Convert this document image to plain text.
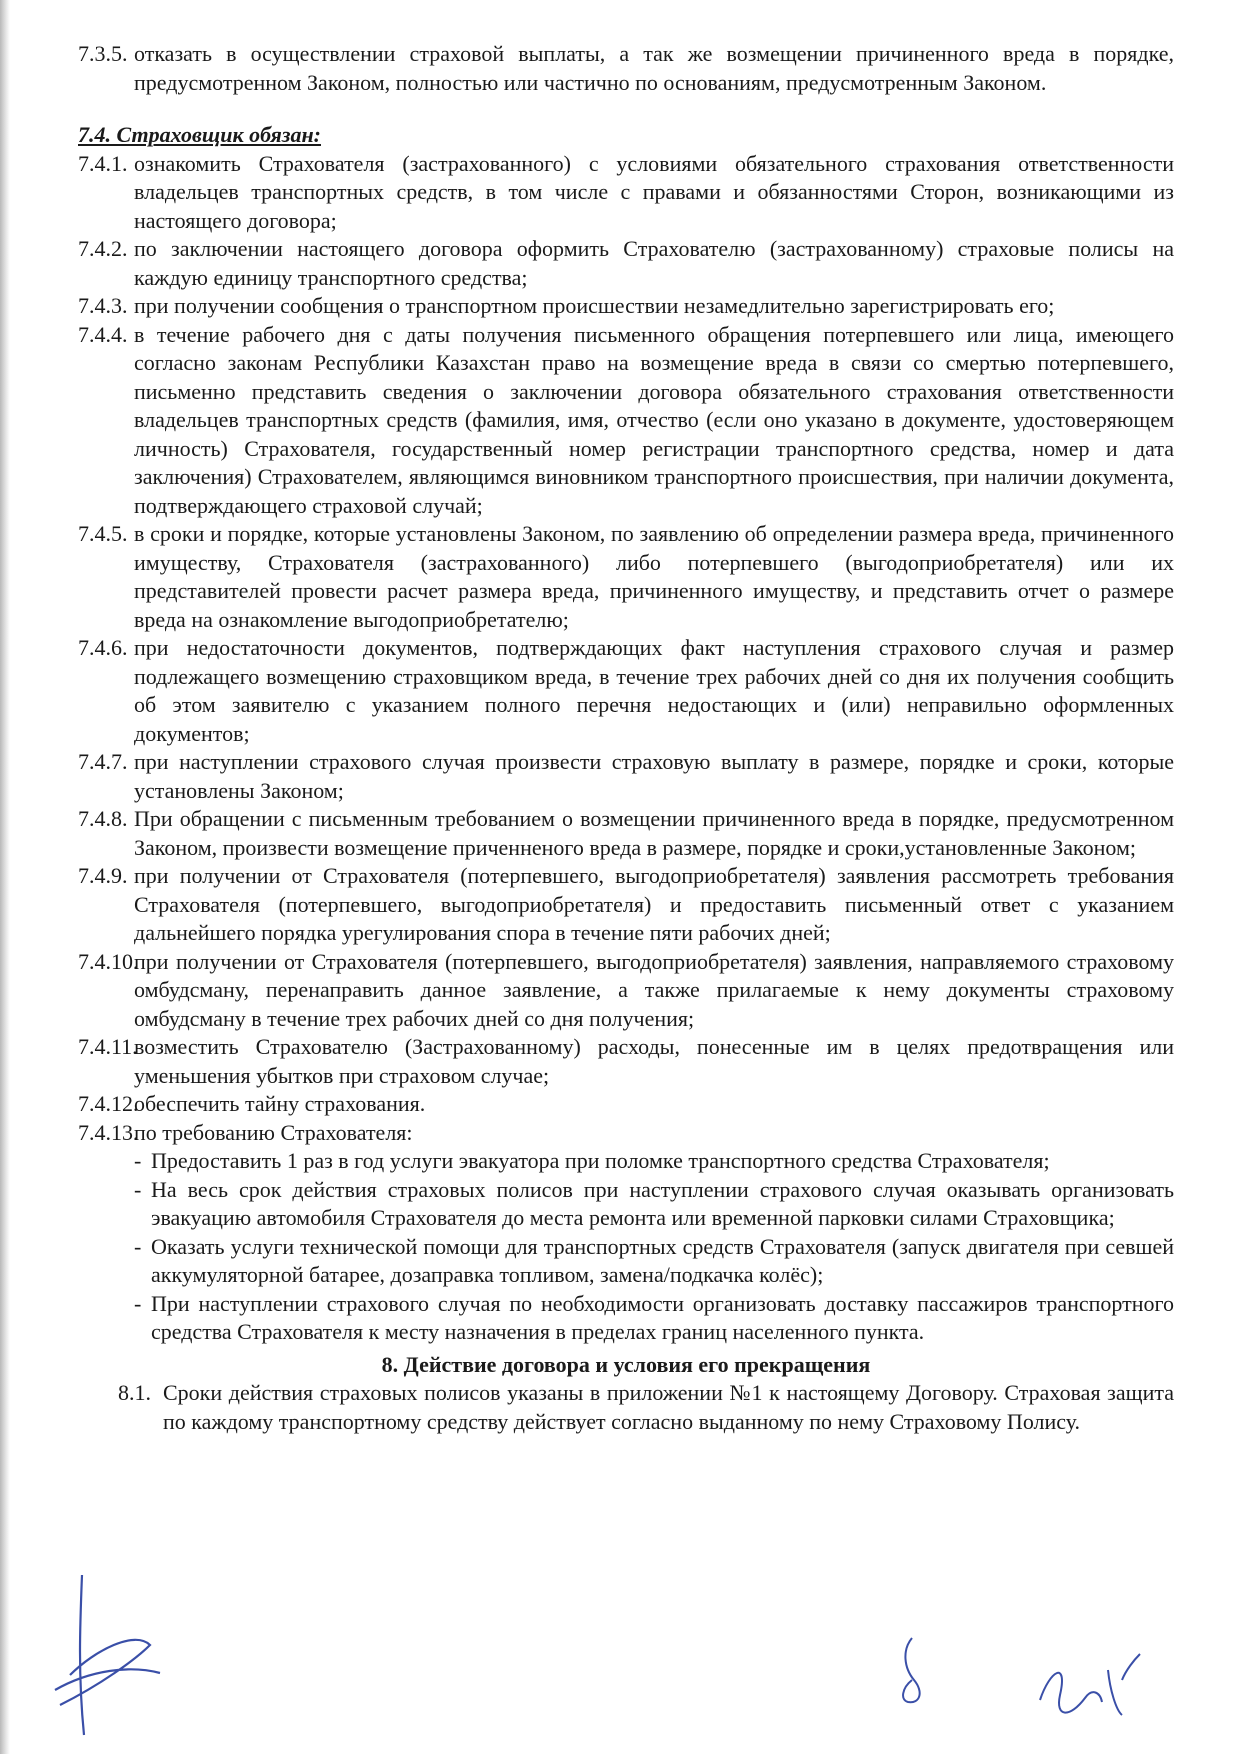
7.3.5. отказать в осуществлении страховой выплаты, а так же возмещении причиненного вреда в порядке, предусмотренном Законом, полностью или частично по основаниям, предусмотренным Законом.

7.4. Страховщик обязан:

7.4.1. ознакомить Страхователя (застрахованного) с условиями обязательного страхования ответственности владельцев транспортных средств, в том числе с правами и обязанностями Сторон, возникающими из настоящего договора;

7.4.2. по заключении настоящего договора оформить Страхователю (застрахованному) страховые полисы на каждую единицу транспортного средства;

7.4.3. при получении сообщения о транспортном происшествии незамедлительно зарегистрировать его;

7.4.4. в течение рабочего дня с даты получения письменного обращения потерпевшего или лица, имеющего согласно законам Республики Казахстан право на возмещение вреда в связи со смертью потерпевшего, письменно представить сведения о заключении договора обязательного страхования ответственности владельцев транспортных средств (фамилия, имя, отчество (если оно указано в документе, удостоверяющем личность) Страхователя, государственный номер регистрации транспортного средства, номер и дата заключения) Страхователем, являющимся виновником транспортного происшествия, при наличии документа, подтверждающего страховой случай;

7.4.5. в сроки и порядке, которые установлены Законом, по заявлению об определении размера вреда, причиненного имуществу, Страхователя (застрахованного) либо потерпевшего (выгодоприобретателя) или их представителей провести расчет размера вреда, причиненного имуществу, и представить отчет о размере вреда на ознакомление выгодоприобретателю;

7.4.6. при недостаточности документов, подтверждающих факт наступления страхового случая и размер подлежащего возмещению страховщиком вреда, в течение трех рабочих дней со дня их получения сообщить об этом заявителю с указанием полного перечня недостающих и (или) неправильно оформленных документов;

7.4.7. при наступлении страхового случая произвести страховую выплату в размере, порядке и сроки, которые установлены Законом;

7.4.8. При обращении с письменным требованием о возмещении причиненного вреда в порядке, предусмотренном Законом, произвести возмещение приченненого вреда в размере, порядке и сроки,установленные Законом;

7.4.9. при получении от Страхователя (потерпевшего, выгодоприобретателя) заявления рассмотреть требования Страхователя (потерпевшего, выгодоприобретателя) и предоставить письменный ответ с указанием дальнейшего порядка урегулирования спора в течение пяти рабочих дней;

7.4.10.
при получении от Страхователя (потерпевшего, выгодоприобретателя) заявления, направляемого страховому омбудсману, перенаправить данное заявление, а также прилагаемые к нему документы страховому омбудсману в течение трех рабочих дней со дня получения;

7.4.11.
возместить Страхователю (Застрахованному) расходы, понесенные им в целях предотвращения или уменьшения убытков при страховом случае;

7.4.12.
обеспечить тайну страхования.

7.4.13.
по требованию Страхователя:

- Предоставить 1 раз в год услуги эвакуатора при поломке транспортного средства Страхователя;

- На весь срок действия страховых полисов при наступлении страхового случая оказывать организовать эвакуацию автомобиля Страхователя до места ремонта или временной парковки силами Страховщика;

- Оказать услуги технической помощи для транспортных средств Страхователя (запуск двигателя при севшей аккумуляторной батарее, дозаправка топливом, замена/подкачка колёс);

- При наступлении страхового случая по необходимости организовать доставку пассажиров транспортного средства Страхователя к месту назначения в пределах границ населенного пункта.

8. Действие договора и условия его прекращения

8.1. Сроки действия страховых полисов указаны в приложении №1 к настоящему Договору. Страховая защита по каждому транспортному средству действует согласно выданному по нему Страховому Полису.
